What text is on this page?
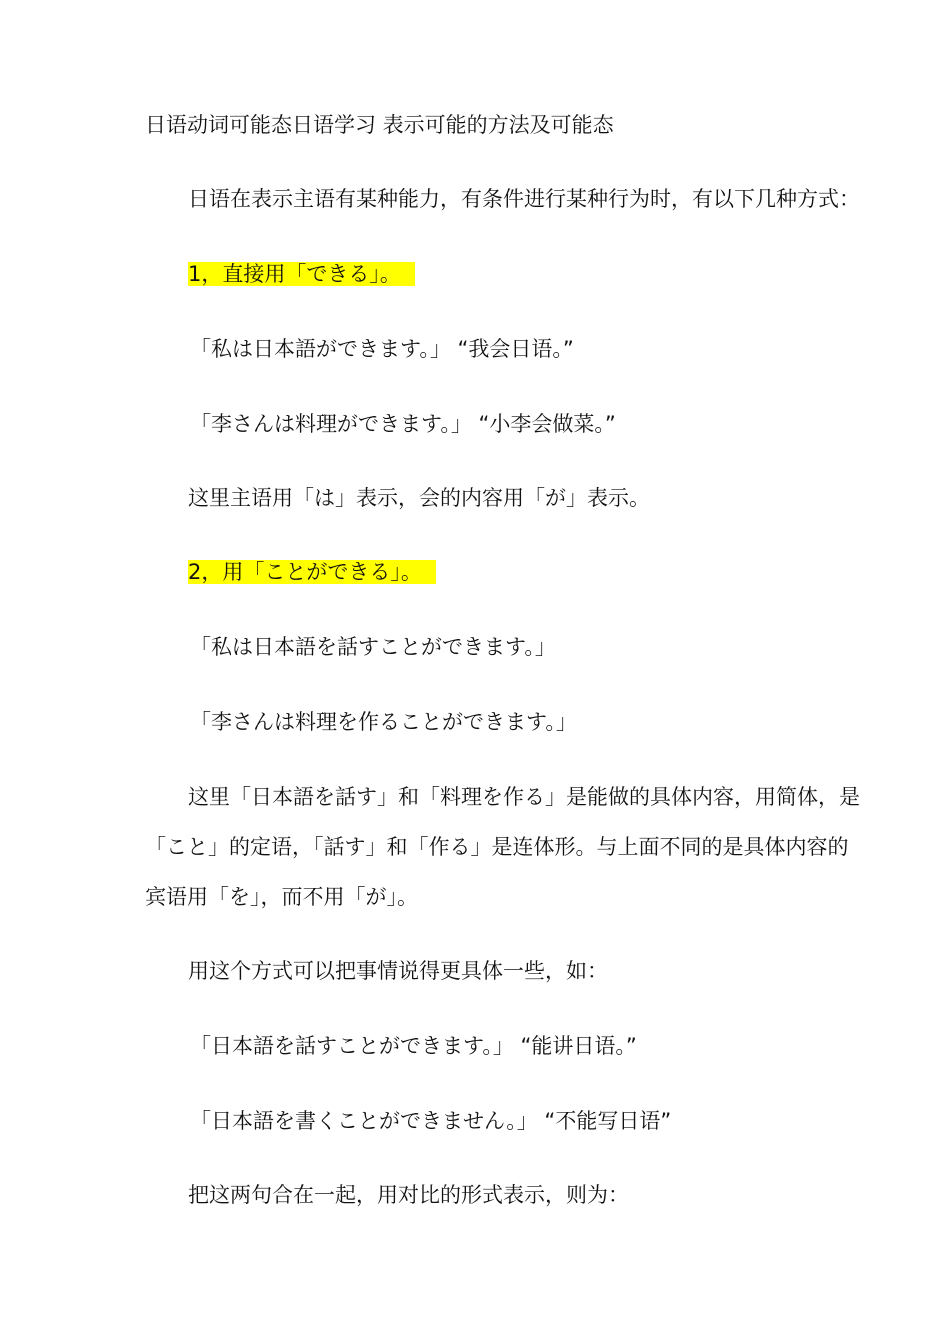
日语动词可能态日语学习 表示可能的方法及可能态
日语在表示主语有某种能力，有条件进行某种行为时，有以下几种方式：
1，直接用「できる」。
「私は日本語ができます。」 “我会日语。”
「李さんは料理ができます。」 “小李会做菜。”
这里主语用「は」表示，会的内容用「が」表示。
2，用「ことができる」。
「私は日本語を話すことができます。」
「李さんは料理を作ることができます。」
这里「日本語を話す」和「料理を作る」是能做的具体内容，用简体，是
「こと」的定语，「話す」和「作る」是连体形。与上面不同的是具体内容的
宾语用「を」，而不用「が」。
用这个方式可以把事情说得更具体一些，如：
「日本語を話すことができます。」 “能讲日语。”
「日本語を書くことができません。」 “不能写日语”
把这两句合在一起，用对比的形式表示，则为：
